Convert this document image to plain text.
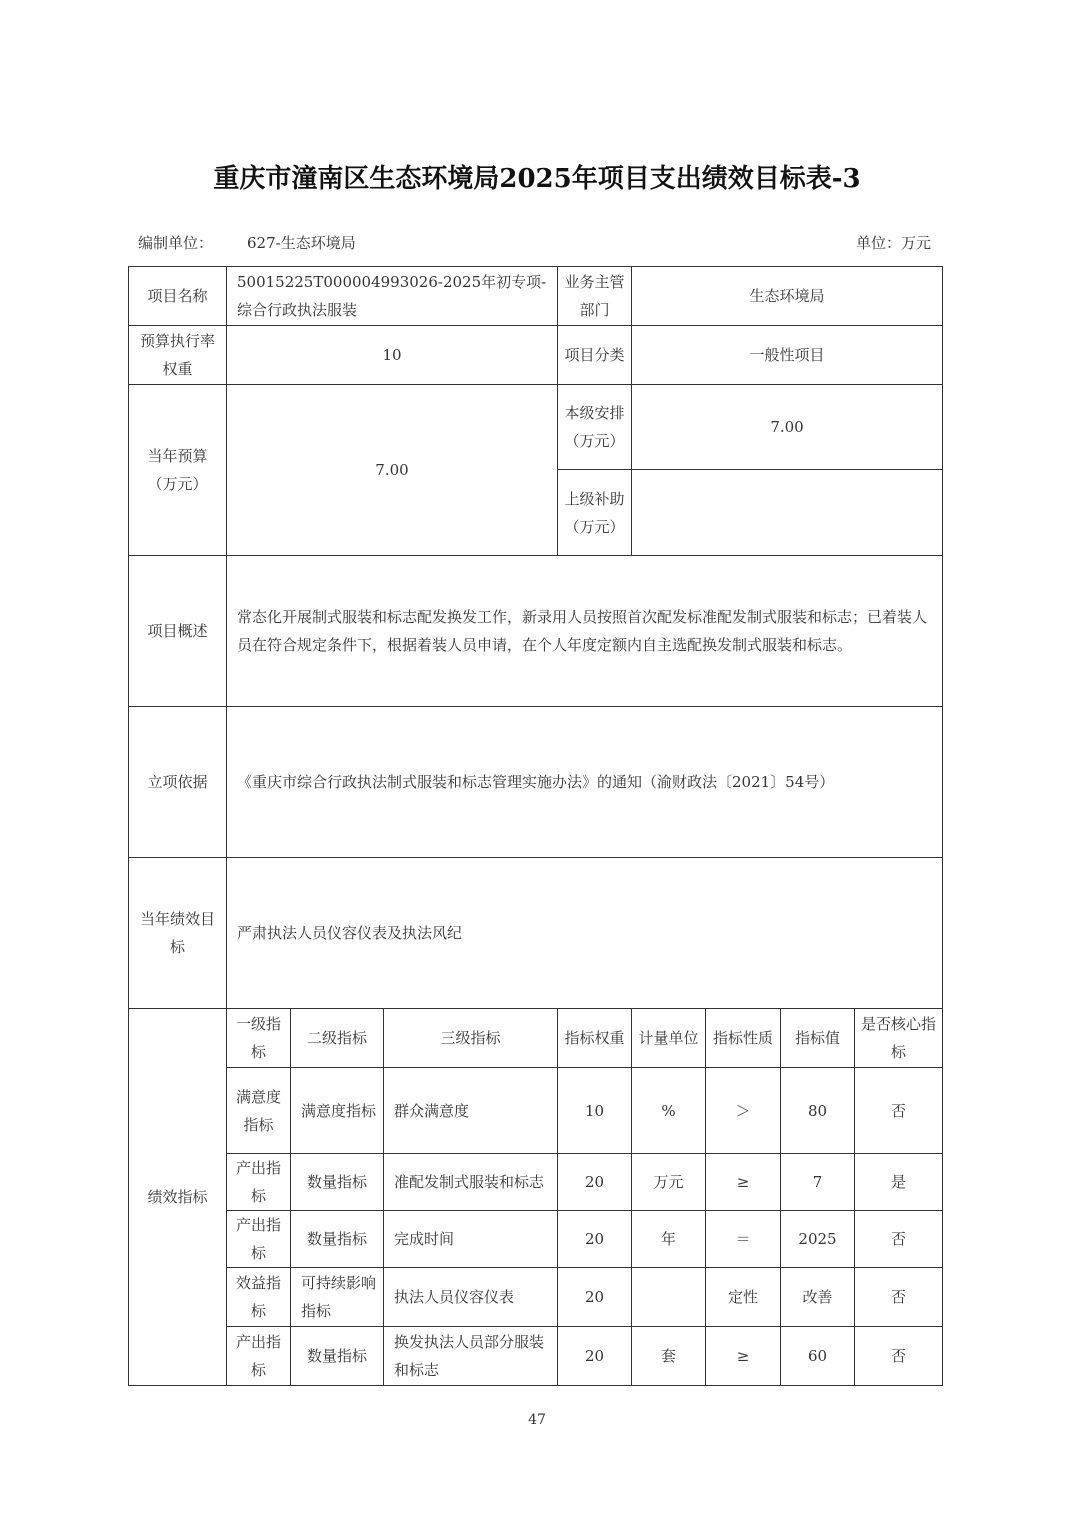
重庆市潼南区生态环境局2025年项目支出绩效目标表-3
编制单位： 627-生态环境局	单位：万元
项目名称	50015225T000004993026-2025年初专项-综合行政执法服装			业务主管部门	生态环境局			
预算执行率权重	10			项目分类	一般性项目			
当年预算（万元）	7.00			本级安排（万元）	7.00			
				上级补助（万元）				
项目概述	常态化开展制式服装和标志配发换发工作，新录用人员按照首次配发标准配发制式服装和标志；已着装人员在符合规定条件下，根据着装人员申请，在个人年度定额内自主选配换发制式服装和标志。							
立项依据	《重庆市综合行政执法制式服装和标志管理实施办法》的通知（渝财政法〔2021〕54号）							
当年绩效目标	严肃执法人员仪容仪表及执法风纪							
绩效指标	一级指标	二级指标	三级指标	指标权重	计量单位	指标性质	指标值	是否核心指标
	满意度指标	满意度指标	群众满意度	10	%	＞	80	否
	产出指标	数量指标	准配发制式服装和标志	20	万元	≥	7	是
	产出指标	数量指标	完成时间	20	年	＝	2025	否
	效益指标	可持续影响指标	执法人员仪容仪表	20		定性	改善	否
	产出指标	数量指标	换发执法人员部分服装和标志	20	套	≥	60	否
47
